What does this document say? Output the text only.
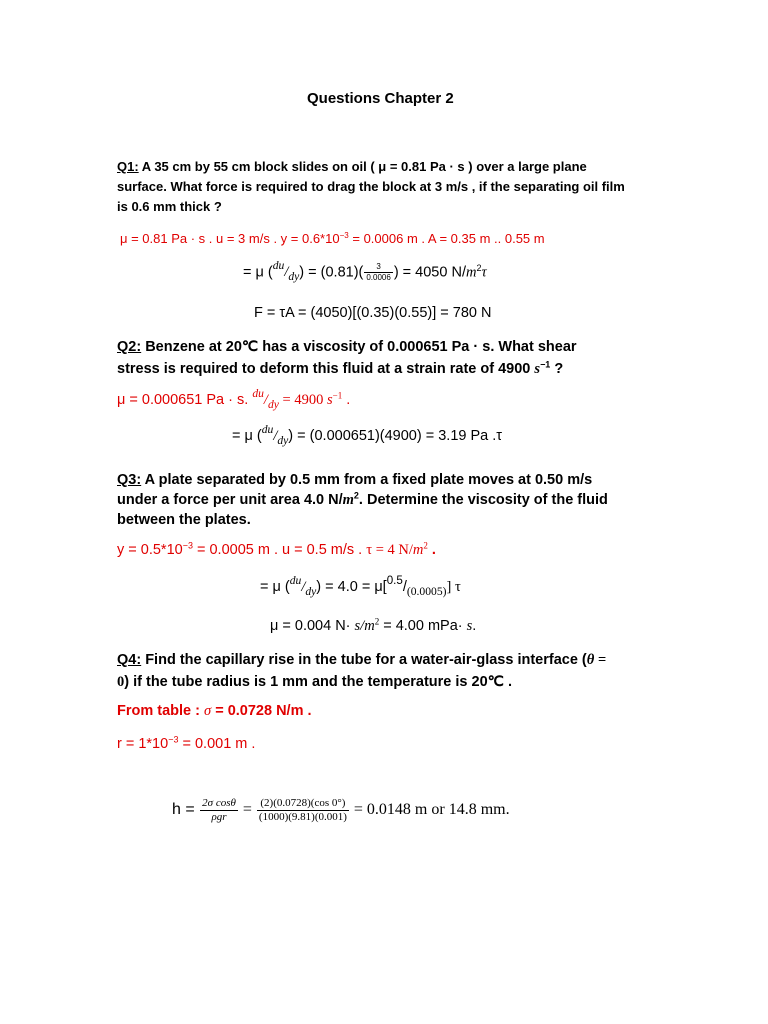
Questions Chapter 2
Q1: A 35 cm by 55 cm block slides on oil ( μ = 0.81 Pa · s ) over a large plane
surface. What force is required to drag the block at 3 m/s , if the separating oil film
is 0.6 mm thick ?
μ = 0.81 Pa · s . u = 3 m/s . $y = 0.6*10^{-3} = 0.0006$ m . A = 0.35 m .. 0.55 m
= μ $(^{du}/_{dy}) = (0.81)( \frac{3}{0.0006}$ ) = 4050 $N/m^2\tau$
F = τA = (4050)[(0.35)(0.55)] = 780 N
Q2: Benzene at 20℃ has a viscosity of 0.000651 Pa · s. What shear
stress is required to deform this fluid at a strain rate of 4900 $s^{-1}$ ?
μ = 0.000651 Pa · s. $^{du}/_{dy} = 4900$ $s^{-1}$ .
= μ $(^{du}/_{dy}) = (0.000651)(4900) = 3.19$ Pa .τ
Q3: A plate separated by 0.5 mm from a fixed plate moves at 0.50 m/s
under a force per unit area 4.0 $N/m^2$. Determine the viscosity of the fluid
between the plates.
$y = 0.5*10^{-3} = 0.0005$ m . u = 0.5 m/s . τ = 4 $N/m^2$ .
= μ $(^{du}/_{dy}) = 4.0 = \mu[^{0.5}/_{(0.0005)}]$ τ
μ = 0.004 $N\cdot s/m^2 = 4.00$ mPa· s.
Q4: Find the capillary rise in the tube for a water-air-glass interface (θ =
0) if the tube radius is 1 mm and the temperature is 20℃ .
From table : σ = 0.0728 N/m .
$r = 1*10^{-3} = 0.001$ m .
$h = \frac{\text{2σ cosθ}}{\text{ρgr}} = \frac{(2)(0.0728)(\cos 0^\circ)}{(1000)(9.81)(0.001)} = 0.0148$ m or 14.8 mm.
